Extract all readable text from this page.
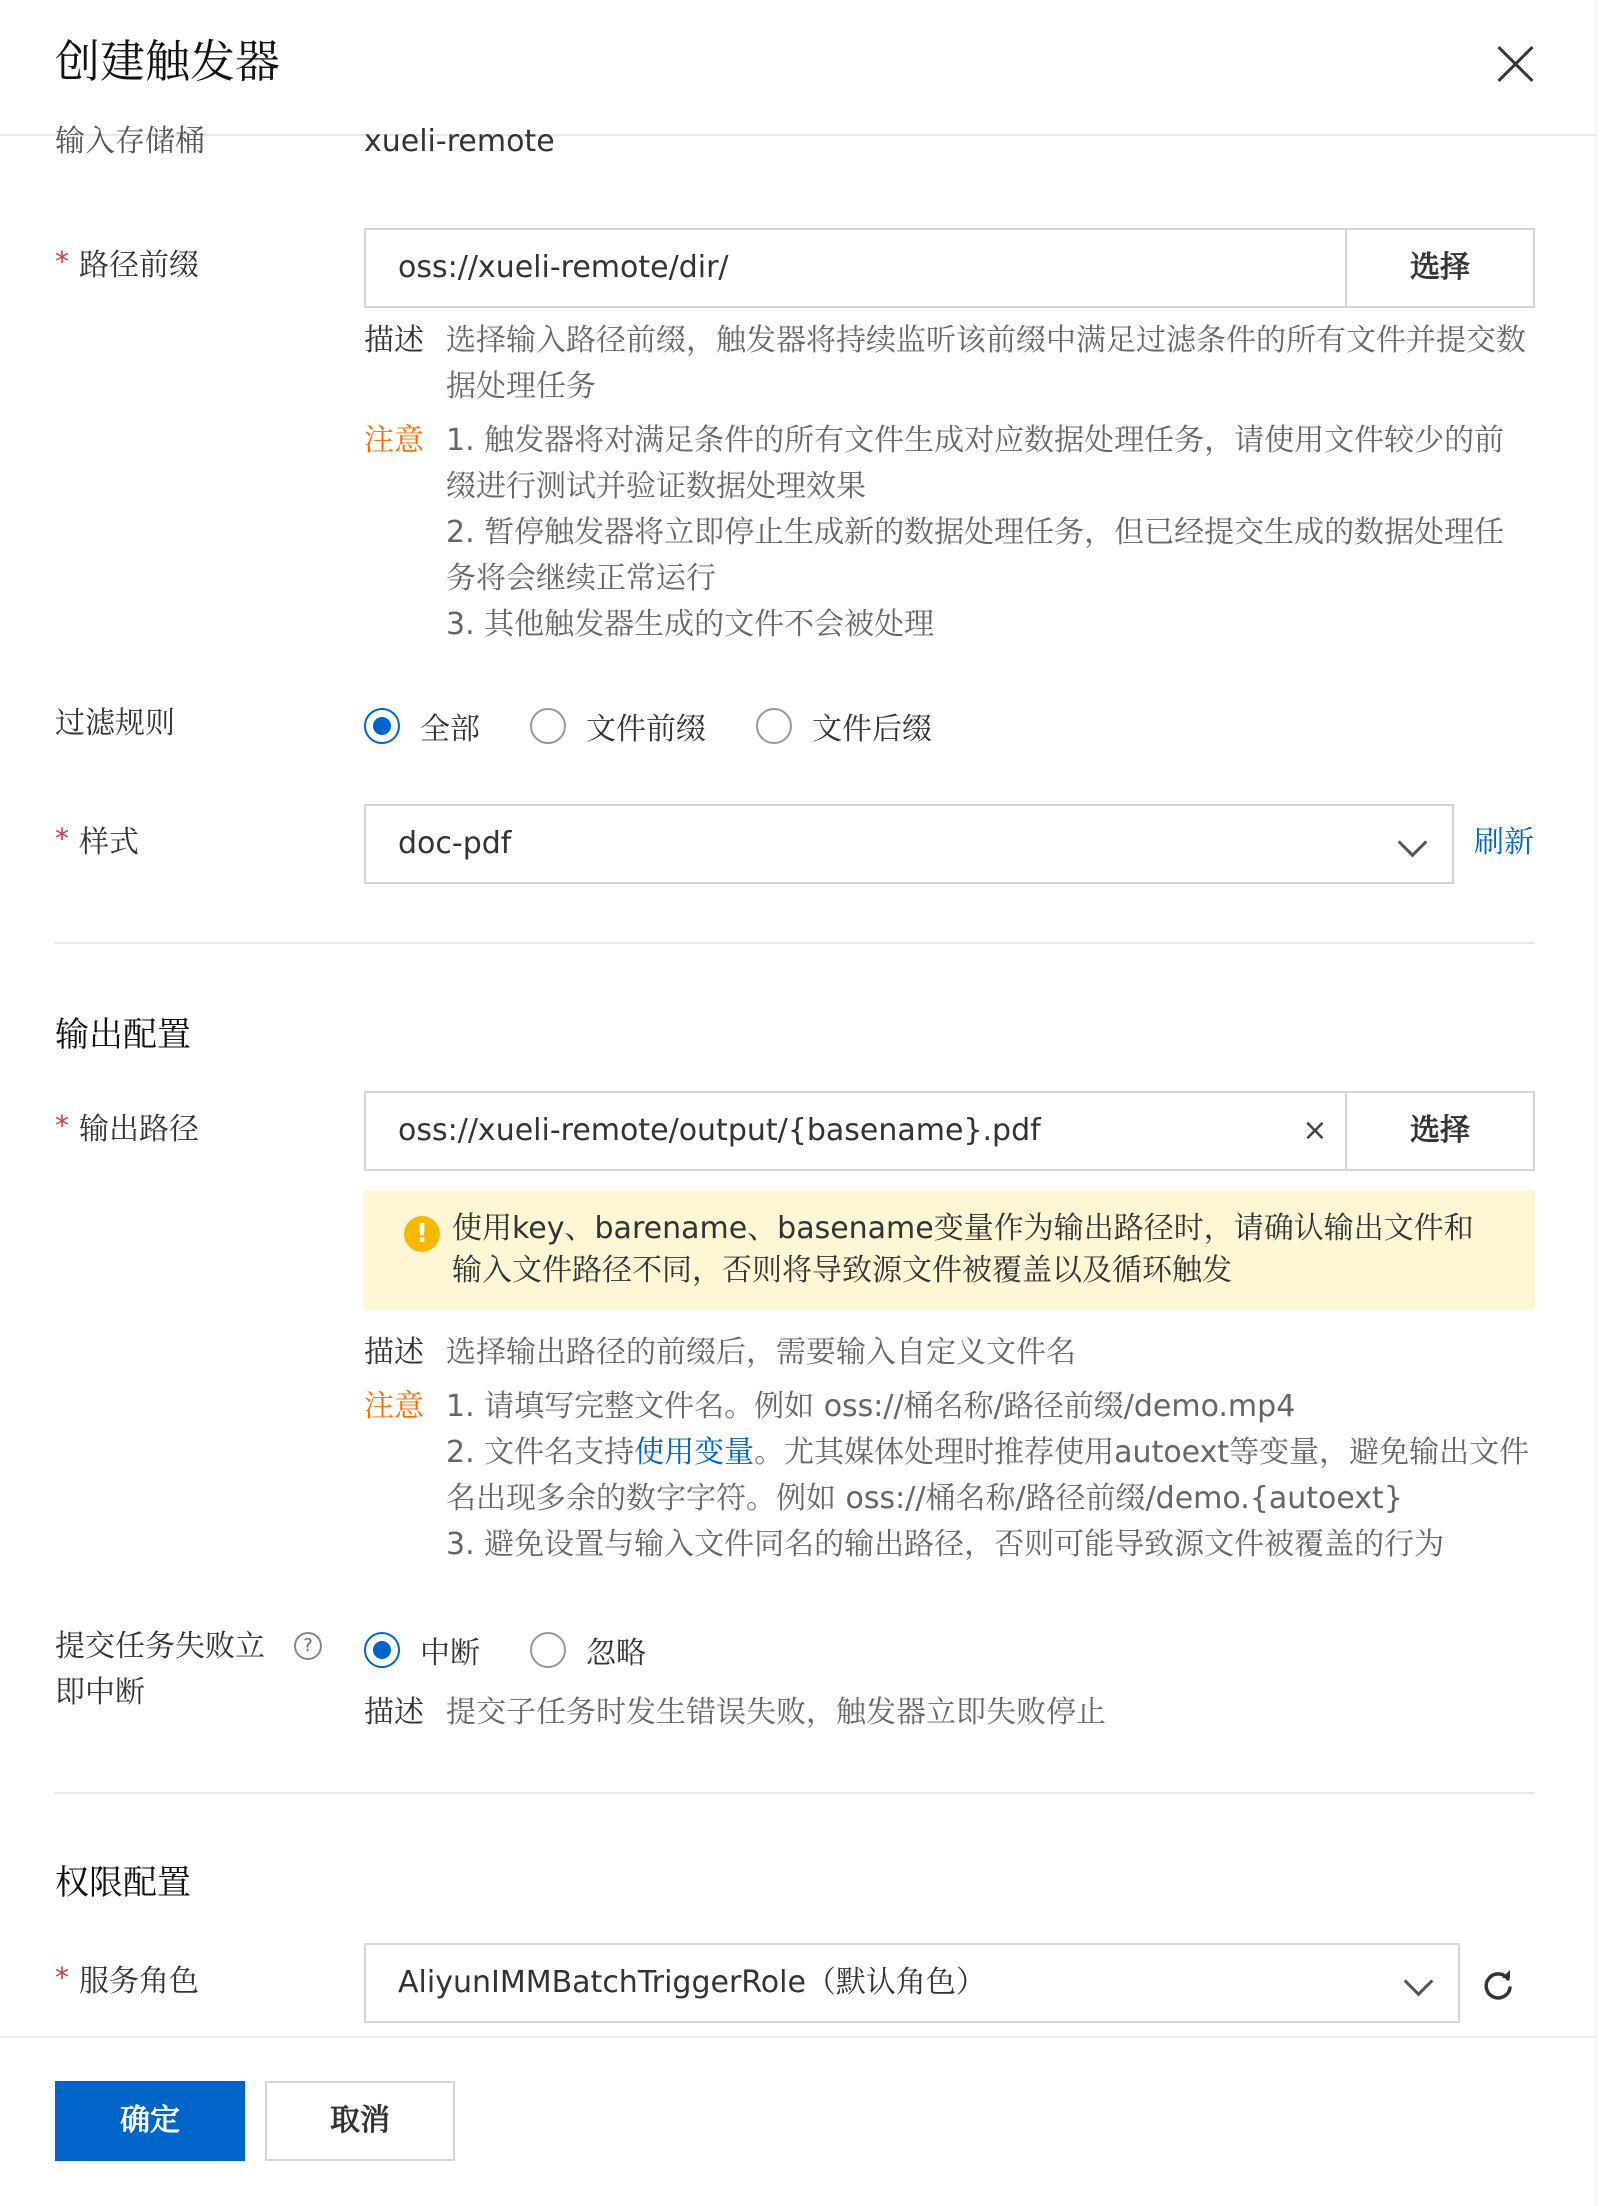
创建触发器
输入存储桶	xueli-remote
* 路径前缀	oss://xueli-remote/dir/	选择
描述 选择输入路径前缀，触发器将持续监听该前缀中满足过滤条件的所有文件并提交数据处理任务
注意 1. 触发器将对满足条件的所有文件生成对应数据处理任务，请使用文件较少的前缀进行测试并验证数据处理效果
2. 暂停触发器将立即停止生成新的数据处理任务，但已经提交生成的数据处理任务将会继续正常运行
3. 其他触发器生成的文件不会被处理
过滤规则	全部	文件前缀	文件后缀
* 样式	doc-pdf	刷新
输出配置
* 输出路径	oss://xueli-remote/output/{basename}.pdf	×	选择
! 使用key、barename、basename变量作为输出路径时，请确认输出文件和输入文件路径不同，否则将导致源文件被覆盖以及循环触发
描述 选择输出路径的前缀后，需要输入自定义文件名
注意 1. 请填写完整文件名。例如 oss://桶名称/路径前缀/demo.mp4
2. 文件名支持使用变量。尤其媒体处理时推荐使用autoext等变量，避免输出文件名出现多余的数字字符。例如 oss://桶名称/路径前缀/demo.{autoext}
3. 避免设置与输入文件同名的输出路径，否则可能导致源文件被覆盖的行为
提交任务失败立
即中断
?	中断	忽略
描述 提交子任务时发生错误失败，触发器立即失败停止
权限配置
* 服务角色	AliyunIMMBatchTriggerRole（默认角色）
确定	取消
